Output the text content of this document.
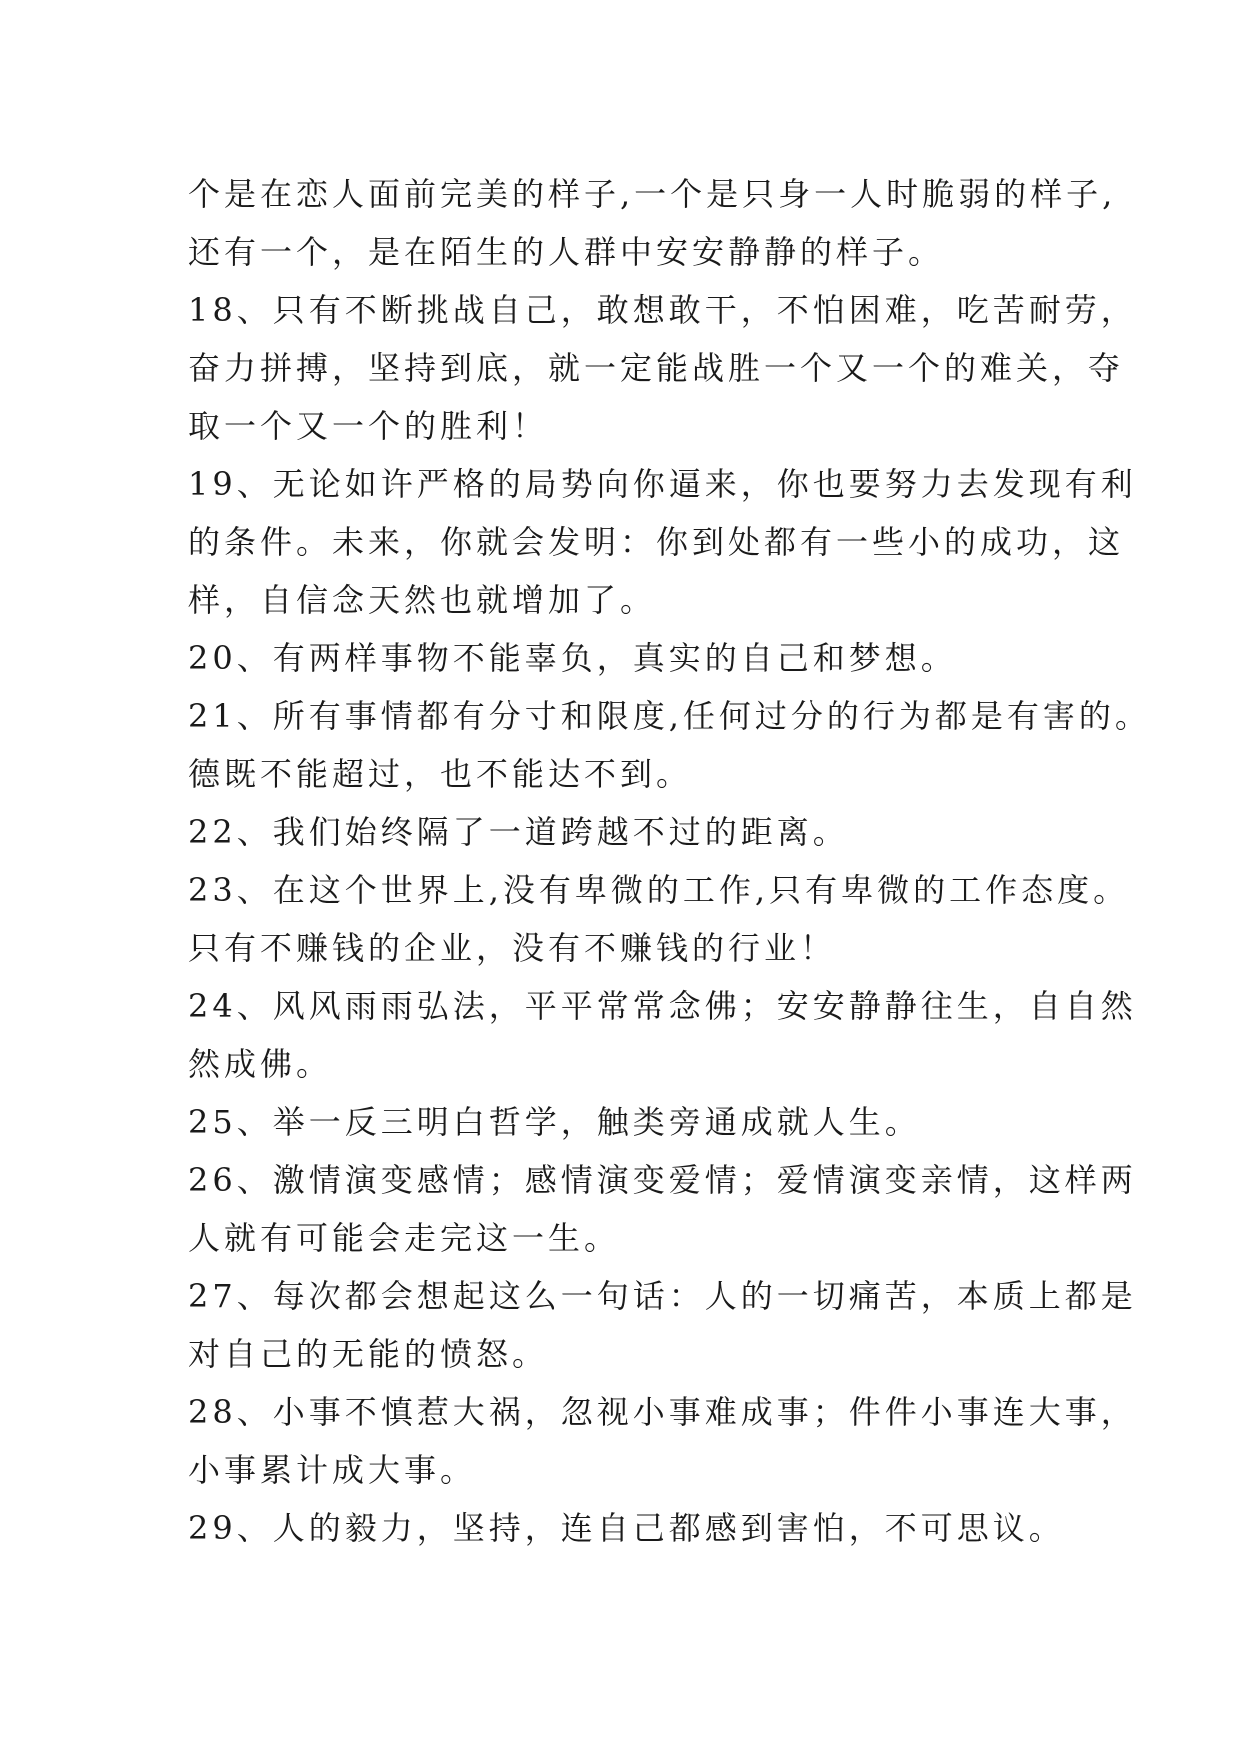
个是在恋人面前完美的样子,一个是只身一人时脆弱的样子,
还有一个，是在陌生的人群中安安静静的样子。
18、只有不断挑战自己，敢想敢干，不怕困难，吃苦耐劳，
奋力拼搏，坚持到底，就一定能战胜一个又一个的难关，夺
取一个又一个的胜利！
19、无论如许严格的局势向你逼来，你也要努力去发现有利
的条件。未来，你就会发明：你到处都有一些小的成功，这
样，自信念天然也就增加了。
20、有两样事物不能辜负，真实的自己和梦想。
21、所有事情都有分寸和限度,任何过分的行为都是有害的。
德既不能超过，也不能达不到。
22、我们始终隔了一道跨越不过的距离。
23、在这个世界上,没有卑微的工作,只有卑微的工作态度。
只有不赚钱的企业，没有不赚钱的行业！
24、风风雨雨弘法，平平常常念佛；安安静静往生，自自然
然成佛。
25、举一反三明白哲学，触类旁通成就人生。
26、激情演变感情；感情演变爱情；爱情演变亲情，这样两
人就有可能会走完这一生。
27、每次都会想起这么一句话：人的一切痛苦，本质上都是
对自己的无能的愤怒。
28、小事不慎惹大祸，忽视小事难成事；件件小事连大事，
小事累计成大事。
29、人的毅力，坚持，连自己都感到害怕，不可思议。
